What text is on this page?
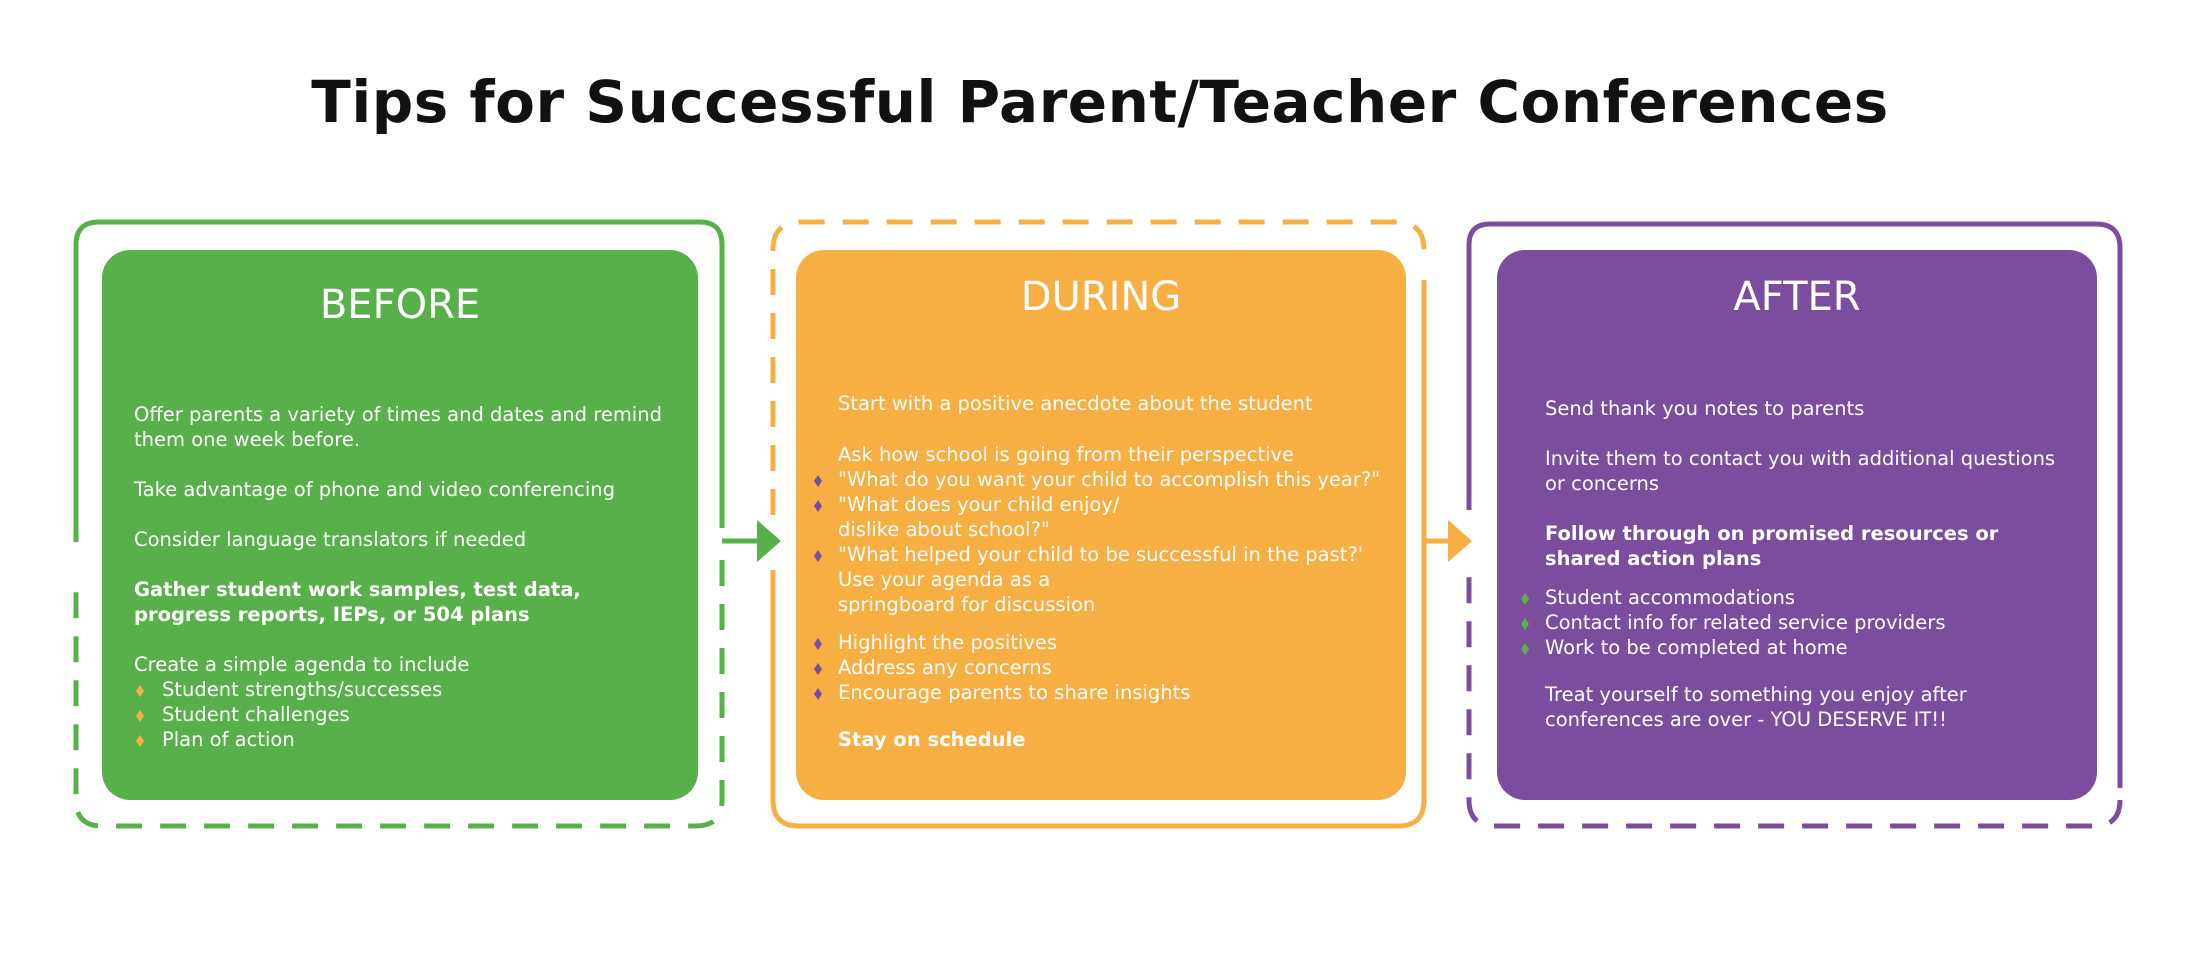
Tips for Successful Parent/Teacher Conferences
BEFORE

Offer parents a variety of times and dates and remind them one week before.

Take advantage of phone and video conferencing

Consider language translators if needed

Gather student work samples, test data, progress reports, IEPs, or 504 plans

Create a simple agenda to include

Student strengths/successes
Student challenges
Plan of action
DURING

Start with a positive anecdote about the student

Ask how school is going from their perspective

"What do you want your child to accomplish this year?"
"What does your child enjoy/
dislike about school?"
"What helped your child to be successful in the past?'

Use your agenda as a
springboard for discussion

Highlight the positives
Address any concerns
Encourage parents to share insights

Stay on schedule

AFTER

Send thank you notes to parents

Invite them to contact you with additional questions or concerns

Follow through on promised resources or shared action plans

Student accommodations
Contact info for related service providers
Work to be completed at home

Treat yourself to something you enjoy after conferences are over - YOU DESERVE IT!!
